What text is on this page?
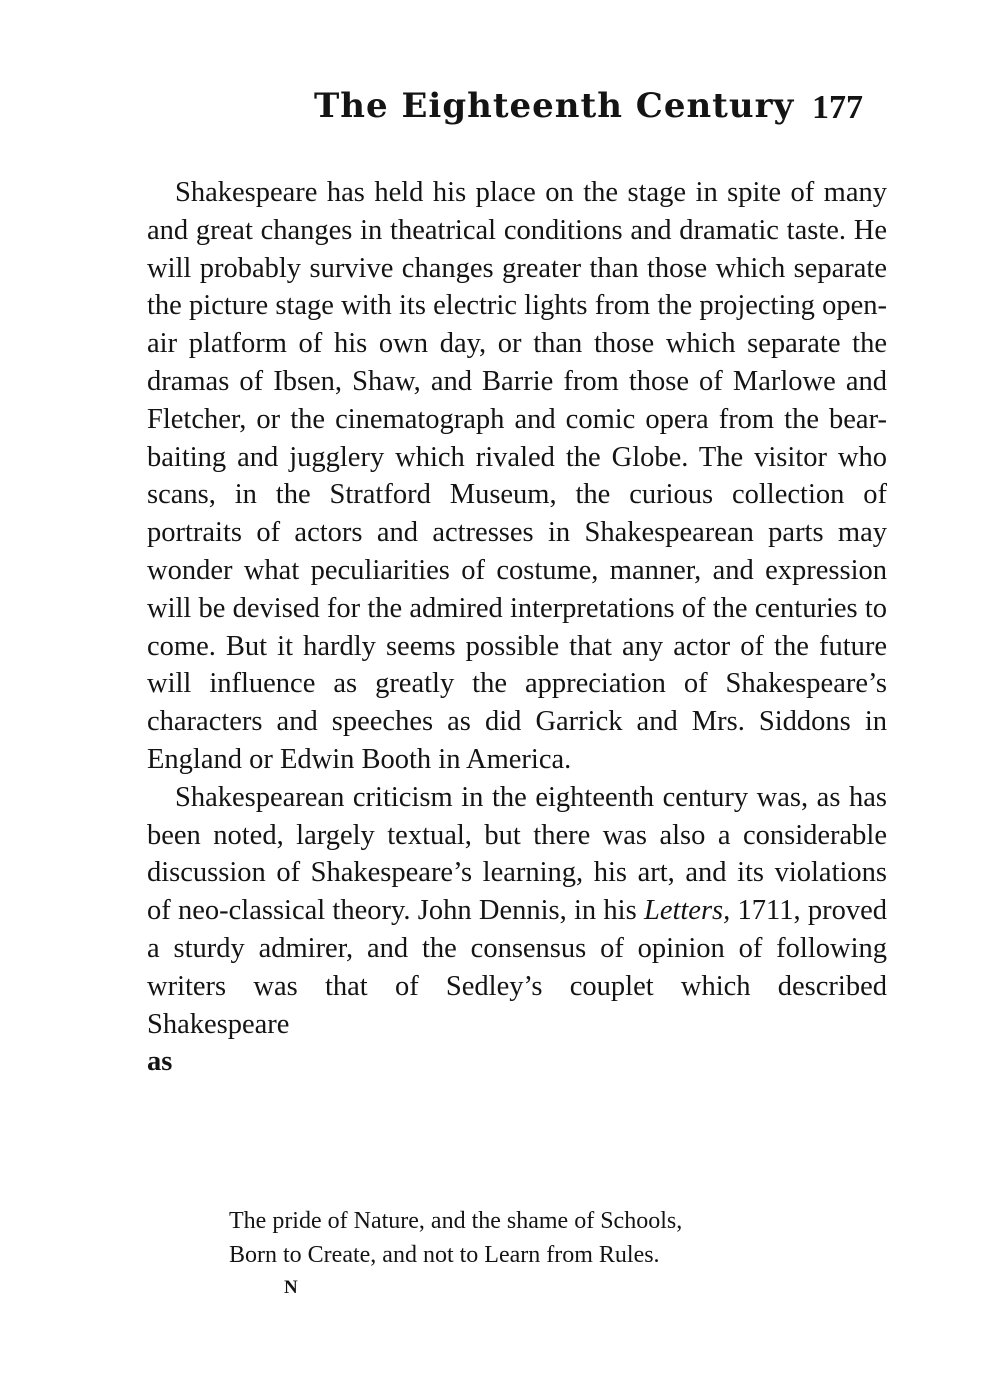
The Eighteenth Century 177

Shakespeare has held his place on the stage in spite of many and great changes in theatrical conditions and dramatic taste. He will probably survive changes greater than those which separate the picture stage with its electric lights from the projecting open-air platform of his own day, or than those which separate the dramas of Ibsen, Shaw, and Barrie from those of Marlowe and Fletcher, or the cinematograph and comic opera from the bear-baiting and jugglery which rivaled the Globe. The visitor who scans, in the Stratford Museum, the curious collection of portraits of actors and actresses in Shakespearean parts may wonder what peculiarities of costume, manner, and expression will be devised for the admired interpretations of the centuries to come. But it hardly seems possible that any actor of the future will influence as greatly the appreciation of Shakespeare’s characters and speeches as did Garrick and Mrs. Siddons in England or Edwin Booth in America.

Shakespearean criticism in the eighteenth century was, as has been noted, largely textual, but there was also a considerable discussion of Shakespeare’s learning, his art, and its violations of neo-classical theory. John Dennis, in his Letters, 1711, proved a sturdy admirer, and the consensus of opinion of following writers was that of Sedley’s couplet which described Shakespeare
as

The pride of Nature, and the shame of Schools,
Born to Create, and not to Learn from Rules.
N
